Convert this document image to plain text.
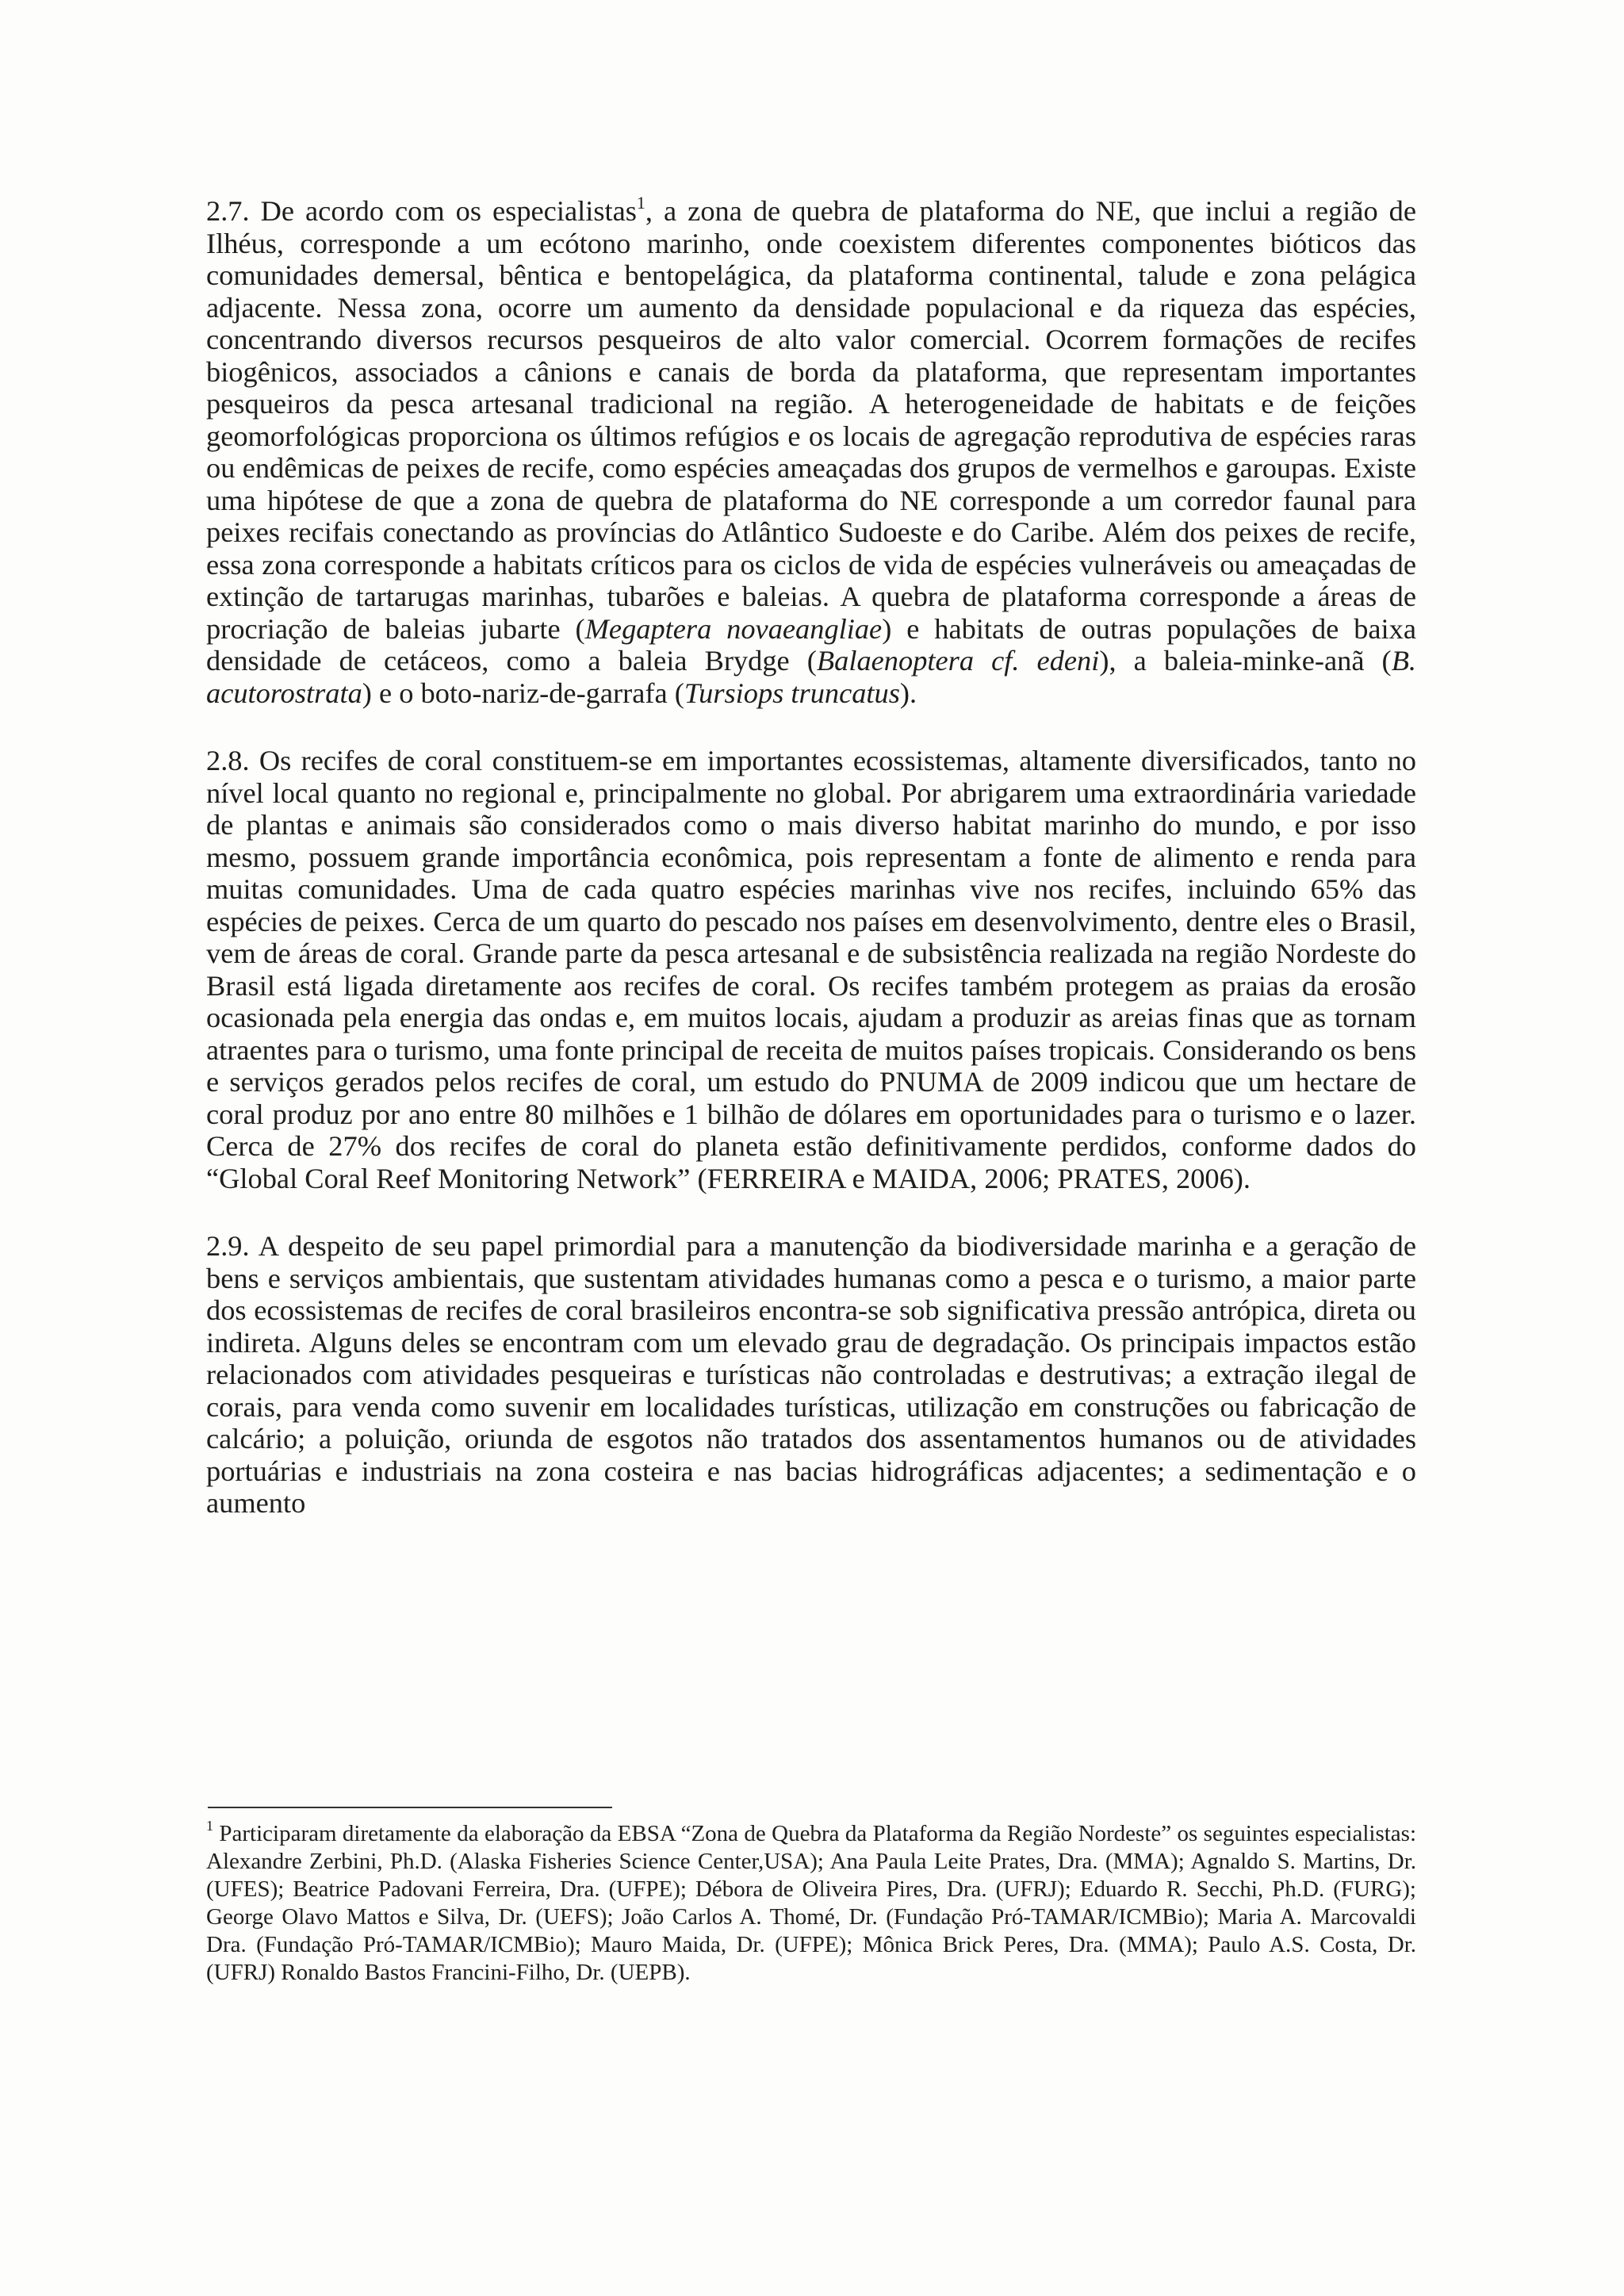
2.7. De acordo com os especialistas$^1$, a zona de quebra de plataforma do NE, que inclui a região de Ilhéus, corresponde a um ecótono marinho, onde coexistem diferentes componentes bióticos das comunidades demersal, bêntica e bentopelágica, da plataforma continental, talude e zona pelágica adjacente. Nessa zona, ocorre um aumento da densidade populacional e da riqueza das espécies, concentrando diversos recursos pesqueiros de alto valor comercial. Ocorrem formações de recifes biogênicos, associados a cânions e canais de borda da plataforma, que representam importantes pesqueiros da pesca artesanal tradicional na região. A heterogeneidade de habitats e de feições geomorfológicas proporciona os últimos refúgios e os locais de agregação reprodutiva de espécies raras ou endêmicas de peixes de recife, como espécies ameaçadas dos grupos de vermelhos e garoupas. Existe uma hipótese de que a zona de quebra de plataforma do NE corresponde a um corredor faunal para peixes recifais conectando as províncias do Atlântico Sudoeste e do Caribe. Além dos peixes de recife, essa zona corresponde a habitats críticos para os ciclos de vida de espécies vulneráveis ou ameaçadas de extinção de tartarugas marinhas, tubarões e baleias. A quebra de plataforma corresponde a áreas de procriação de baleias jubarte (Megaptera novaeangliae) e habitats de outras populações de baixa densidade de cetáceos, como a baleia Brydge (Balaenoptera cf. edeni), a baleia-minke-anã (B. acutorostrata) e o boto-nariz-de-garrafa (Tursiops truncatus).

2.8. Os recifes de coral constituem-se em importantes ecossistemas, altamente diversificados, tanto no nível local quanto no regional e, principalmente no global. Por abrigarem uma extraordinária variedade de plantas e animais são considerados como o mais diverso habitat marinho do mundo, e por isso mesmo, possuem grande importância econômica, pois representam a fonte de alimento e renda para muitas comunidades. Uma de cada quatro espécies marinhas vive nos recifes, incluindo 65% das espécies de peixes. Cerca de um quarto do pescado nos países em desenvolvimento, dentre eles o Brasil, vem de áreas de coral. Grande parte da pesca artesanal e de subsistência realizada na região Nordeste do Brasil está ligada diretamente aos recifes de coral. Os recifes também protegem as praias da erosão ocasionada pela energia das ondas e, em muitos locais, ajudam a produzir as areias finas que as tornam atraentes para o turismo, uma fonte principal de receita de muitos países tropicais. Considerando os bens e serviços gerados pelos recifes de coral, um estudo do PNUMA de 2009 indicou que um hectare de coral produz por ano entre 80 milhões e 1 bilhão de dólares em oportunidades para o turismo e o lazer. Cerca de 27% dos recifes de coral do planeta estão definitivamente perdidos, conforme dados do “Global Coral Reef Monitoring Network” (FERREIRA e MAIDA, 2006; PRATES, 2006).

2.9. A despeito de seu papel primordial para a manutenção da biodiversidade marinha e a geração de bens e serviços ambientais, que sustentam atividades humanas como a pesca e o turismo, a maior parte dos ecossistemas de recifes de coral brasileiros encontra-se sob significativa pressão antrópica, direta ou indireta. Alguns deles se encontram com um elevado grau de degradação. Os principais impactos estão relacionados com atividades pesqueiras e turísticas não controladas e destrutivas; a extração ilegal de corais, para venda como suvenir em localidades turísticas, utilização em construções ou fabricação de calcário; a poluição, oriunda de esgotos não tratados dos assentamentos humanos ou de atividades portuárias e industriais na zona costeira e nas bacias hidrográficas adjacentes; a sedimentação e o aumento

$^1$ Participaram diretamente da elaboração da EBSA “Zona de Quebra da Plataforma da Região Nordeste” os seguintes especialistas: Alexandre Zerbini, Ph.D. (Alaska Fisheries Science Center,USA); Ana Paula Leite Prates, Dra. (MMA); Agnaldo S. Martins, Dr. (UFES); Beatrice Padovani Ferreira, Dra. (UFPE); Débora de Oliveira Pires, Dra. (UFRJ); Eduardo R. Secchi, Ph.D. (FURG); George Olavo Mattos e Silva, Dr. (UEFS); João Carlos A. Thomé, Dr. (Fundação Pró-TAMAR/ICMBio); Maria A. Marcovaldi Dra. (Fundação Pró-TAMAR/ICMBio); Mauro Maida, Dr. (UFPE); Mônica Brick Peres, Dra. (MMA); Paulo A.S. Costa, Dr. (UFRJ) Ronaldo Bastos Francini-Filho, Dr. (UEPB).
